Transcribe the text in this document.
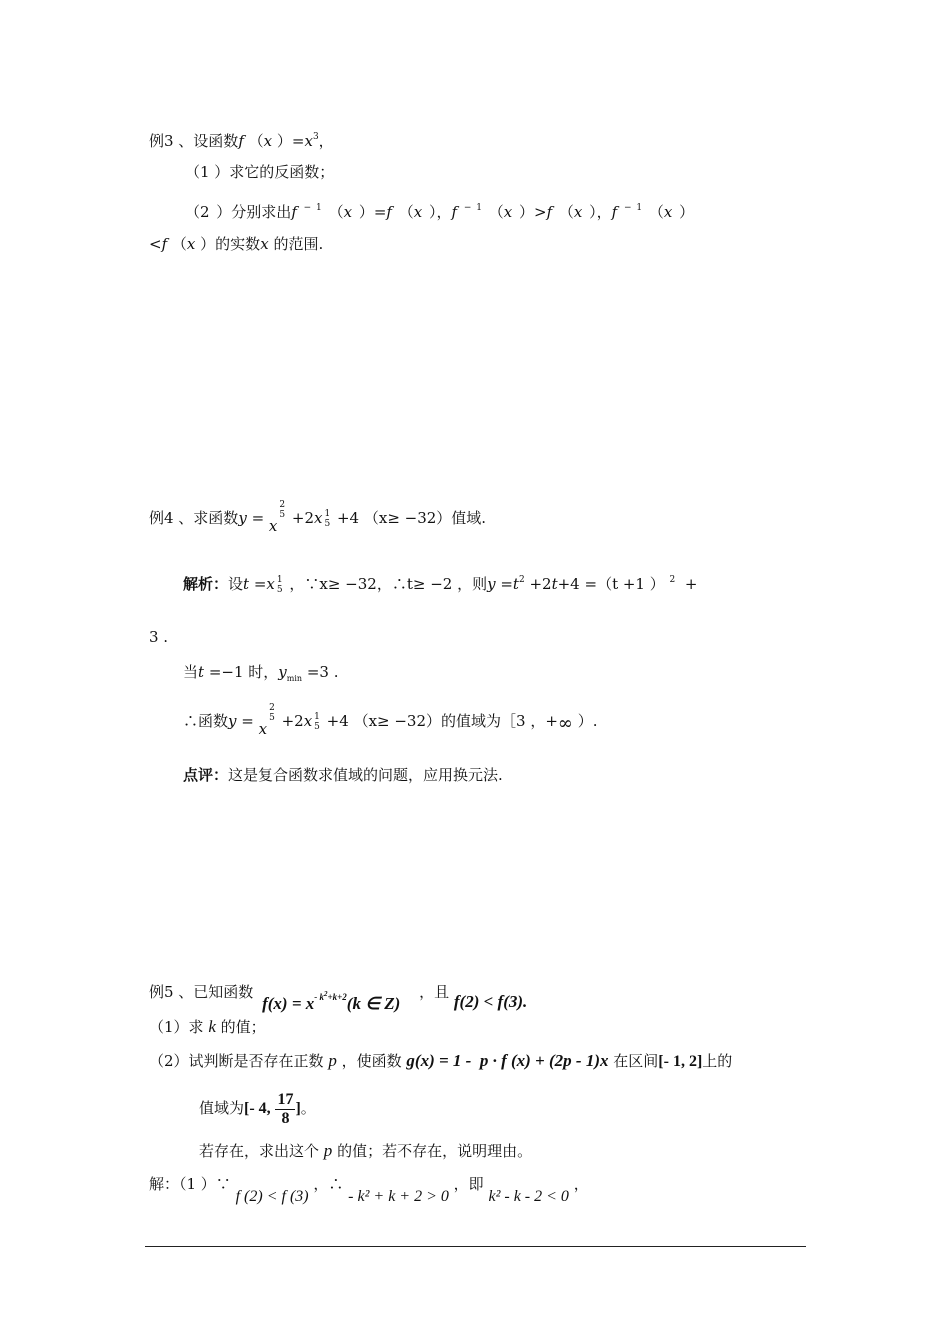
例3 、设函数f （x ）$=x^3$，
（1 ）求它的反函数；
（2 ）分别求出f $^{- 1}$ （x ）=f （x ），f $^{- 1}$ （x ）>f （x ），f $^{- 1}$ （x ）
<f （x ）的实数x 的范围.
例4 、求函数y = x
2
5 +2x 1
5 +4 （x≥ −32）值域.
解析：设t =x 1
5 ，∵x≥ −32，∴t≥ −2 ，则$y =t^2 +2t+4 =(t +1$ ） $^2$ +
3 .
当t =−1 时，$y_{min} =3$ .
∴函数y = x
2
5 +2x 1
5 +4 （x≥ −32）的值域为［3 ，+∞ ）.
点评：这是复合函数求值域的问题，应用换元法.
例5 、已知函数 $f(x) = x^{- k^2+k+2}(k$ ∈ Z) ，且 f(2) < f(3).
（1）求 k 的值；
（2）试判断是否存在正数 p ，使函数 g(x) = 1 -  p · f (x) + (2p - 1)x 在区间[- 1, 2]上的
值域为[- 4, $\frac{17}{8}$ ]。
若存在，求出这个 p 的值；若不存在，说明理由。
解：（1 ）∵ f (2) < f (3) ，∴ - k² + k + 2 > 0 ，即 k² - k - 2 < 0 ，
